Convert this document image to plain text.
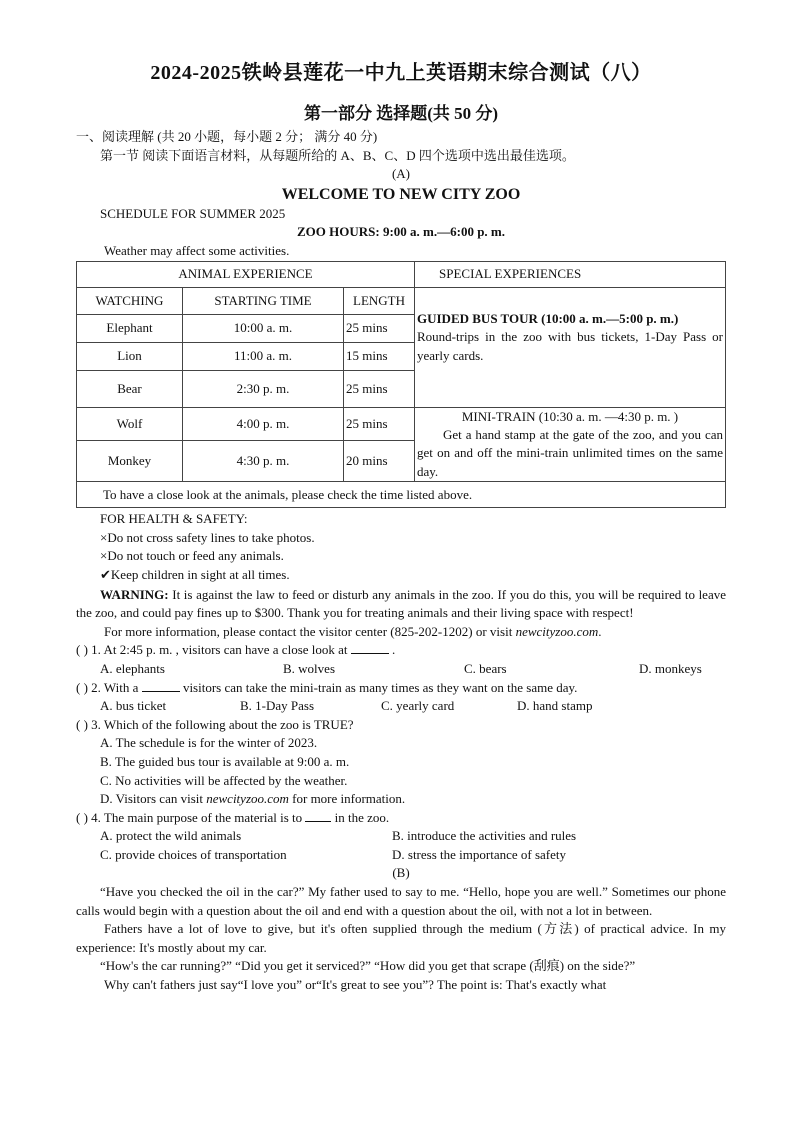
2024-2025铁岭县莲花一中九上英语期末综合测试（八）
第一部分 选择题(共 50 分)
一、阅读理解 (共 20 小题，每小题 2 分； 满分 40 分)
第一节 阅读下面语言材料，从每题所给的 A、B、C、D 四个选项中选出最佳选项。
(A)
WELCOME TO NEW CITY ZOO
SCHEDULE FOR SUMMER 2025
ZOO HOURS: 9:00 a. m.—6:00 p. m.
Weather may affect some activities.
ANIMAL EXPERIENCE			SPECIAL EXPERIENCES
WATCHING	STARTING TIME	LENGTH	GUIDED BUS TOUR (10:00 a. m.—5:00 p. m.)
Round-trips in the zoo with bus tickets, 1-Day Pass or yearly cards.

Elephant	10:00 a. m.	25 mins	
Lion	11:00 a. m.	15 mins	
Bear	2:30 p. m.	25 mins	
Wolf	4:00 p. m.	25 mins	MINI-TRAIN (10:30 a. m. —4:30 p. m. )
Get a hand stamp at the gate of the zoo, and you can get on and off the mini-train unlimited times on the same day.

Monkey	4:30 p. m.	20 mins	
To have a close look at the animals, please check the time listed above.			
FOR HEALTH & SAFETY:
×Do not cross safety lines to take photos.
×Do not touch or feed any animals.
✔Keep children in sight at all times.
WARNING: It is against the law to feed or disturb any animals in the zoo. If you do this, you will be required to leave the zoo, and could pay fines up to $300. Thank you for treating animals and their living space with respect!
For more information, please contact the visitor center (825-202-1202) or visit newcityzoo.com.
( ) 1. At 2:45 p. m. , visitors can have a close look at	.
A. elephants	B. wolves	C. bears	D. monkeys
( ) 2. With a	visitors can take the mini-train as many times as they want on the same day.
A. bus ticket	B. 1-Day Pass	C. yearly card	D. hand stamp
( ) 3. Which of the following about the zoo is TRUE?
A. The schedule is for the winter of 2023.
B. The guided bus tour is available at 9:00 a. m.
C. No activities will be affected by the weather.
D. Visitors can visit newcityzoo.com for more information.
( ) 4. The main purpose of the material is to  in the zoo.
A. protect the wild animals	B. introduce the activities and rules
C. provide choices of transportation	D. stress the importance of safety
(B)
“Have you checked the oil in the car?” My father used to say to me. “Hello, hope you are well.” Sometimes our phone calls would begin with a question about the oil and end with a question about the oil, with not a lot in between.
Fathers have a lot of love to give, but it's often supplied through the medium (方法) of practical advice. In my experience: It's mostly about my car.
“How's the car running?” “Did you get it serviced?” “How did you get that scrape (刮痕) on the side?”
Why can't fathers just say“I love you” or“It's great to see you”? The point is: That's exactly what
